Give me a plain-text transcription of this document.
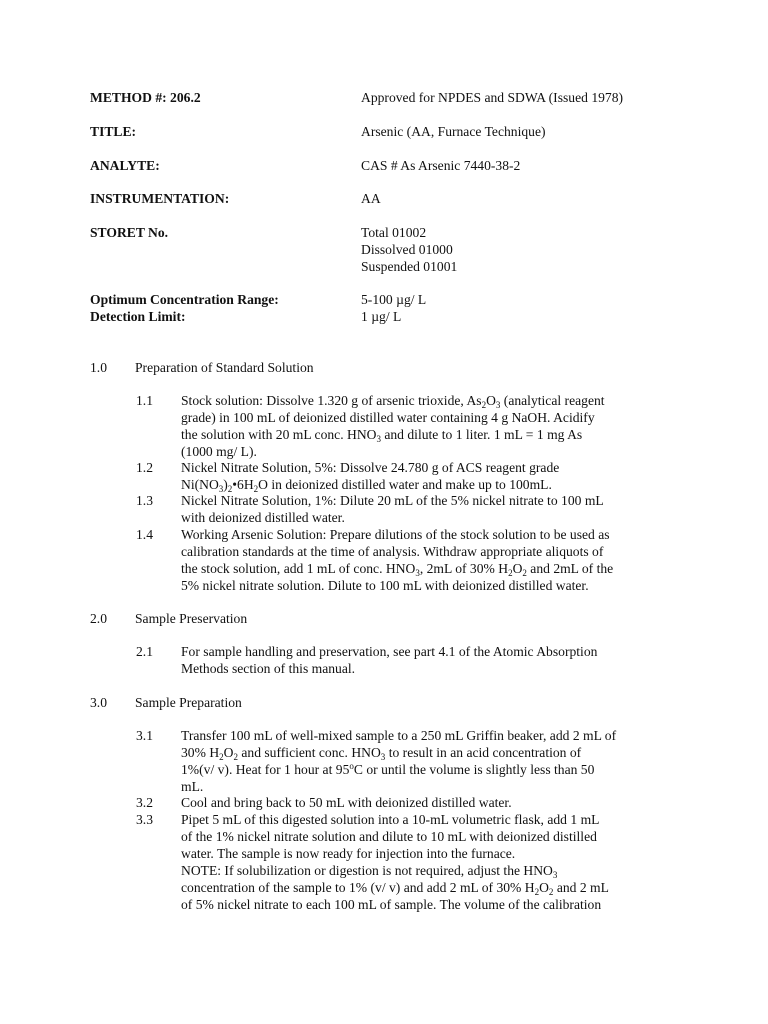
METHOD #: 206.2	Approved for NPDES and SDWA (Issued 1978)
TITLE:	Arsenic (AA, Furnace Technique)
ANALYTE:	CAS # As Arsenic 7440-38-2
INSTRUMENTATION:	AA
STORET No.	Total 01002
Dissolved 01000
Suspended 01001
Optimum Concentration Range:	5-100 µg/ L
Detection Limit:	1 µg/ L
1.0 Preparation of Standard Solution
1.1 Stock solution: Dissolve 1.320 g of arsenic trioxide, $As_2O_3$ (analytical reagent
grade) in 100 mL of deionized distilled water containing 4 g NaOH. Acidify
the solution with 20 mL conc. $HNO_3$ and dilute to 1 liter. 1 mL = 1 mg As
(1000 mg/ L).
1.2 Nickel Nitrate Solution, 5%: Dissolve 24.780 g of ACS reagent grade
$Ni(NO_3)_2•6H_2O$ in deionized distilled water and make up to 100mL.
1.3 Nickel Nitrate Solution, 1%: Dilute 20 mL of the 5% nickel nitrate to 100 mL
with deionized distilled water.
1.4 Working Arsenic Solution: Prepare dilutions of the stock solution to be used as
calibration standards at the time of analysis. Withdraw appropriate aliquots of
the stock solution, add 1 mL of conc. $HNO_3$, 2mL of 30% $H_2O_2$ and 2mL of the
5% nickel nitrate solution. Dilute to 100 mL with deionized distilled water.
2.0 Sample Preservation
2.1 For sample handling and preservation, see part 4.1 of the Atomic Absorption
Methods section of this manual.
3.0 Sample Preparation
3.1 Transfer 100 mL of well-mixed sample to a 250 mL Griffin beaker, add 2 mL of
30% $H_2O_2$ and sufficient conc. $HNO_3$ to result in an acid concentration of
1%(v/ v). Heat for 1 hour at 95$^o$C or until the volume is slightly less than 50
mL.
3.2 Cool and bring back to 50 mL with deionized distilled water.
3.3 Pipet 5 mL of this digested solution into a 10-mL volumetric flask, add 1 mL
of the 1% nickel nitrate solution and dilute to 10 mL with deionized distilled
water. The sample is now ready for injection into the furnace.
NOTE: If solubilization or digestion is not required, adjust the $HNO_3$
concentration of the sample to 1% (v/ v) and add 2 mL of 30% $H_2O_2$ and 2 mL
of 5% nickel nitrate to each 100 mL of sample. The volume of the calibration
